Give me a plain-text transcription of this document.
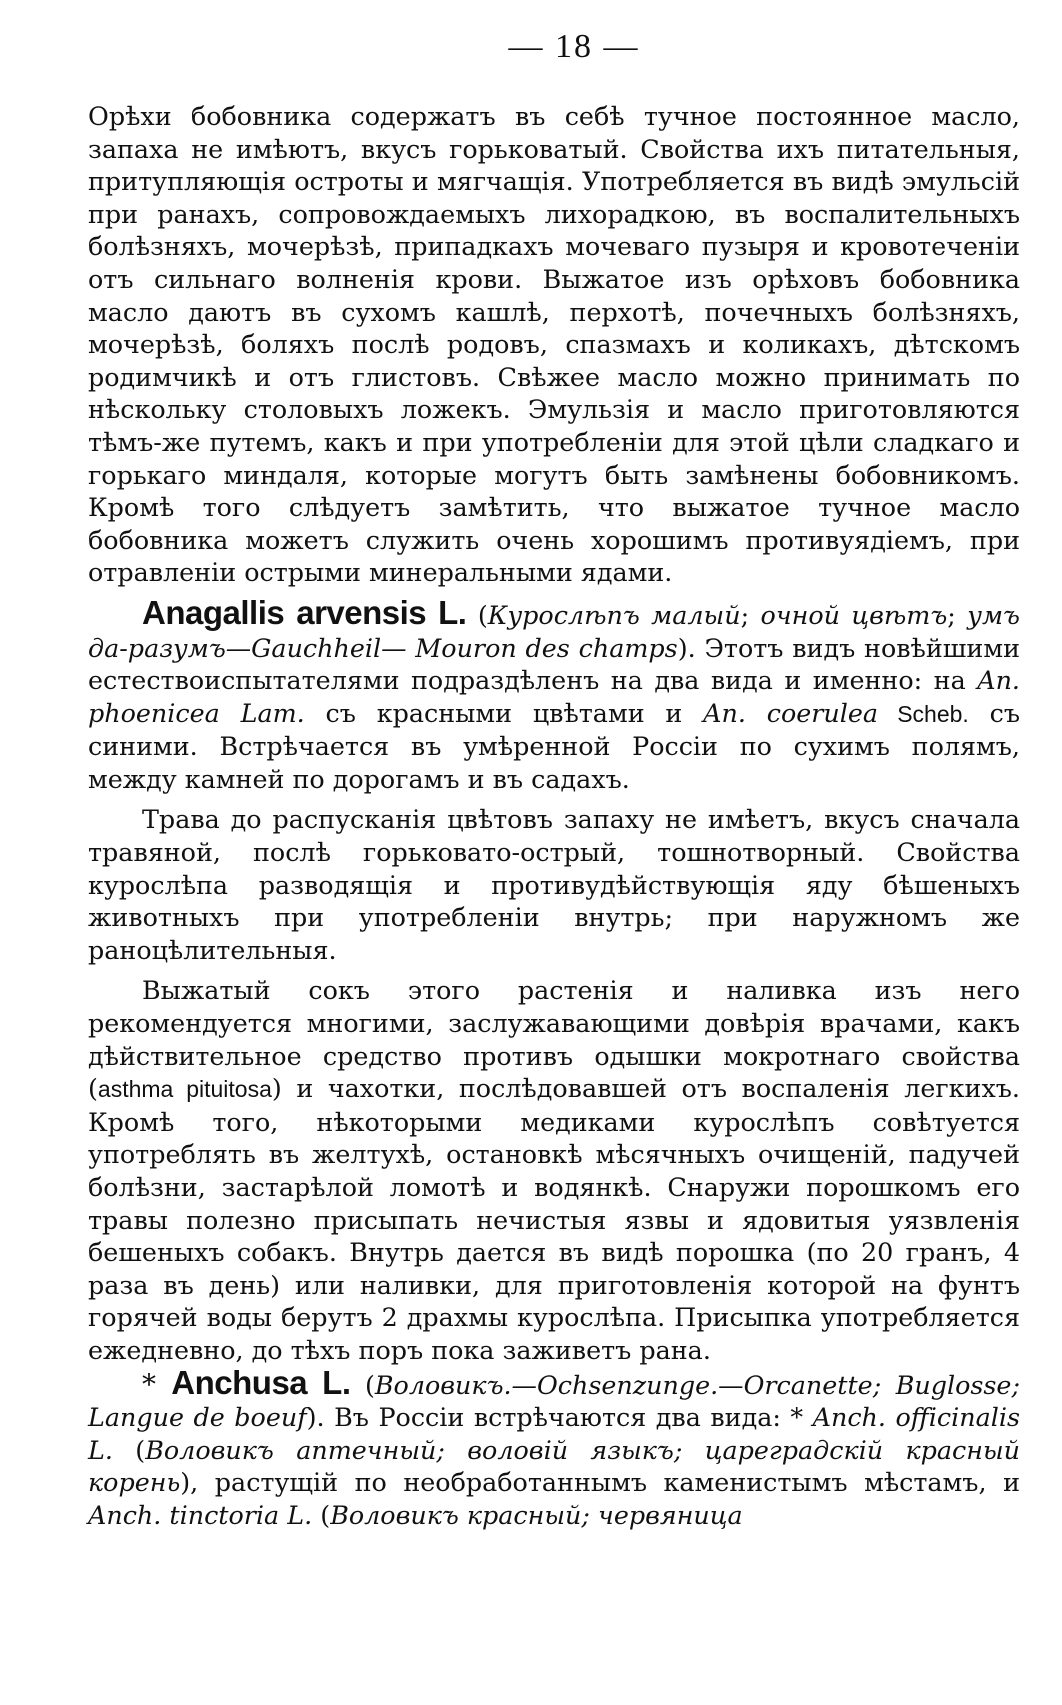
— 18 —

Орѣхи бобовника содержатъ въ себѣ тучное постоянное масло, запаха не имѣютъ, вкусъ горьковатый. Свойства ихъ питательныя, притупляющія остроты и мягчащія. Употребляется въ видѣ эмульсій при ранахъ, сопровождаемыхъ лихорадкою, въ воспалительныхъ болѣзняхъ, мочерѣзѣ, припадкахъ мочеваго пузыря и кровотеченіи отъ сильнаго волненія крови. Выжатое изъ орѣховъ бобовника масло даютъ въ сухомъ кашлѣ, перхотѣ, почечныхъ болѣзняхъ, мочерѣзѣ, боляхъ послѣ родовъ, спазмахъ и коликахъ, дѣтскомъ родимчикѣ и отъ глистовъ. Свѣжее масло можно принимать по нѣскольку столовыхъ ложекъ. Эмульзія и масло приготовляются тѣмъ-же путемъ, какъ и при употребленіи для этой цѣли сладкаго и горькаго миндаля, которые могутъ быть замѣнены бобовникомъ. Кромѣ того слѣдуетъ замѣтить, что выжатое тучное масло бобовника можетъ служить очень хорошимъ противуядіемъ, при отравленіи острыми минеральными ядами.

Anagallis arvensis L. (Курослѣпъ малый; очной цвѣтъ; умъ да-разумъ—Gauchheil— Mouron des champs). Этотъ видъ новѣйшими естествоиспытателями подраздѣленъ на два вида и именно: на An. phoenicea Lam. съ красными цвѣтами и An. coerulea Scheb. съ синими. Встрѣчается въ умѣренной Россіи по сухимъ полямъ, между камней по дорогамъ и въ садахъ.

Трава до распусканія цвѣтовъ запаху не имѣетъ, вкусъ сначала травяной, послѣ горьковато-острый, тошнотворный. Свойства курослѣпа разводящія и противудѣйствующія яду бѣшеныхъ животныхъ при употребленіи внутрь; при наружномъ же раноцѣлительныя.

Выжатый сокъ этого растенія и наливка изъ него рекомендуется многими, заслужавающими довѣрія врачами, какъ дѣйствительное средство противъ одышки мокротнаго свойства (asthma pituitosa) и чахотки, послѣдовавшей отъ воспаленія легкихъ. Кромѣ того, нѣкоторыми медиками курослѣпъ совѣтуется употреблять въ желтухѣ, остановкѣ мѣсячныхъ очищеній, падучей болѣзни, застарѣлой ломотѣ и водянкѣ. Снаружи порошкомъ его травы полезно присыпать нечистыя язвы и ядовитыя уязвленія бешеныхъ собакъ. Внутрь дается въ видѣ порошка (по 20 гранъ, 4 раза въ день) или наливки, для приготовленія которой на фунтъ горячей воды берутъ 2 драхмы курослѣпа. Присыпка употребляется ежедневно, до тѣхъ поръ пока заживетъ рана.

* Anchusa L. (Воловикъ.—Ochsenzunge.—Orcanette; Buglosse; Langue de boeuf). Въ Россіи встрѣчаются два вида: * Anch. officinalis L. (Воловикъ аптечный; воловій языкъ; цареградскій красный корень), растущій по необработаннымъ каменистымъ мѣстамъ, и Anch. tinctoria L. (Воловикъ красный; червяница
